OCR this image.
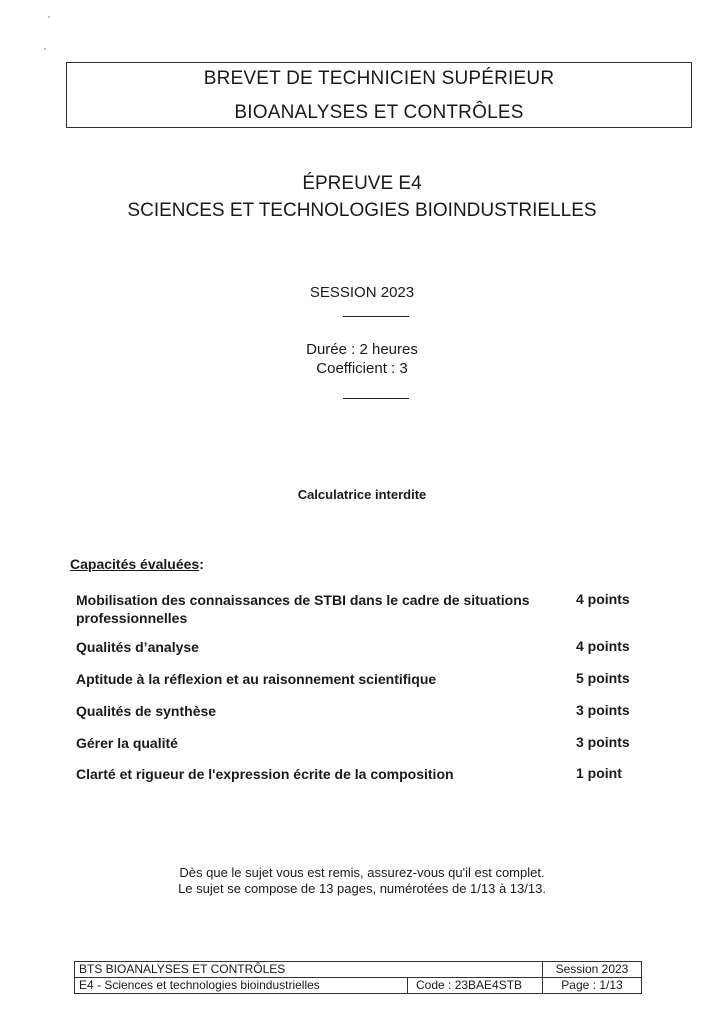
BREVET DE TECHNICIEN SUPÉRIEUR
BIOANALYSES ET CONTRÔLES
ÉPREUVE E4
SCIENCES ET TECHNOLOGIES BIOINDUSTRIELLES
SESSION 2023
Durée : 2 heures
Coefficient : 3
Calculatrice interdite
Capacités évaluées:
Mobilisation des connaissances de STBI dans le cadre de situations professionnelles
4 points
Qualités d’analyse	4 points
Aptitude à la réflexion et au raisonnement scientifique	5 points
Qualités de synthèse	3 points
Gérer la qualité	3 points
Clarté et rigueur de l'expression écrite de la composition	1 point
Dès que le sujet vous est remis, assurez-vous qu'il est complet.
Le sujet se compose de 13 pages, numérotées de 1/13 à 13/13.
BTS BIOANALYSES ET CONTRÔLES		Session 2023
E4 - Sciences et technologies bioindustrielles	Code : 23BAE4STB	Page : 1/13
